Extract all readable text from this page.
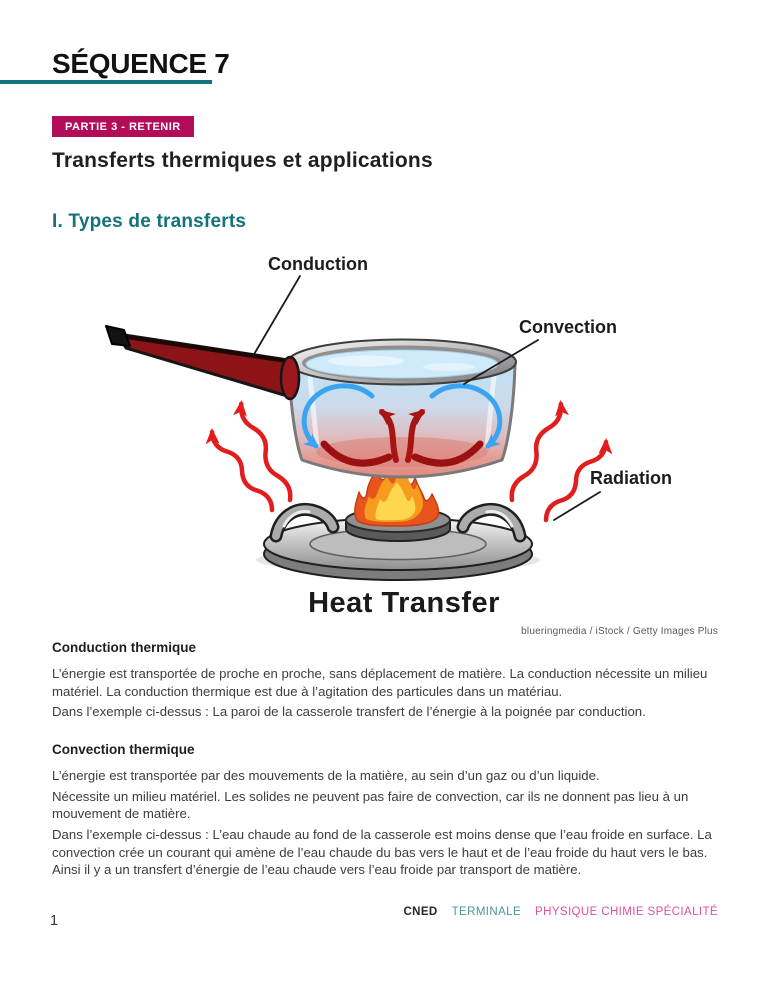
SÉQUENCE 7
PARTIE 3 - RETENIR
Transferts thermiques et applications
I. Types de transferts
Conduction
Convection
Radiation
Heat Transfer
blueringmedia / iStock / Getty Images Plus
Conduction thermique

L’énergie est transportée de proche en proche, sans déplacement de matière. La conduction nécessite un milieu matériel. La conduction thermique est due à l’agitation des particules dans un matériau.

Dans l’exemple ci-dessus : La paroi de la casserole transfert de l’énergie à la poignée par conduction.

Convection thermique

L’énergie est transportée par des mouvements de la matière, au sein d’un gaz ou d’un liquide.

Nécessite un milieu matériel. Les solides ne peuvent pas faire de convection, car ils ne donnent pas lieu à un mouvement de matière.

Dans l’exemple ci-dessus : L’eau chaude au fond de la casserole est moins dense que l’eau froide en surface. La convection crée un courant qui amène de l’eau chaude du bas vers le haut et de l’eau froide du haut vers le bas. Ainsi il y a un transfert d’énergie de l’eau chaude vers l’eau froide par transport de matière.

CNED TERMINALE PHYSIQUE CHIMIE SPÉCIALITÉ
1
